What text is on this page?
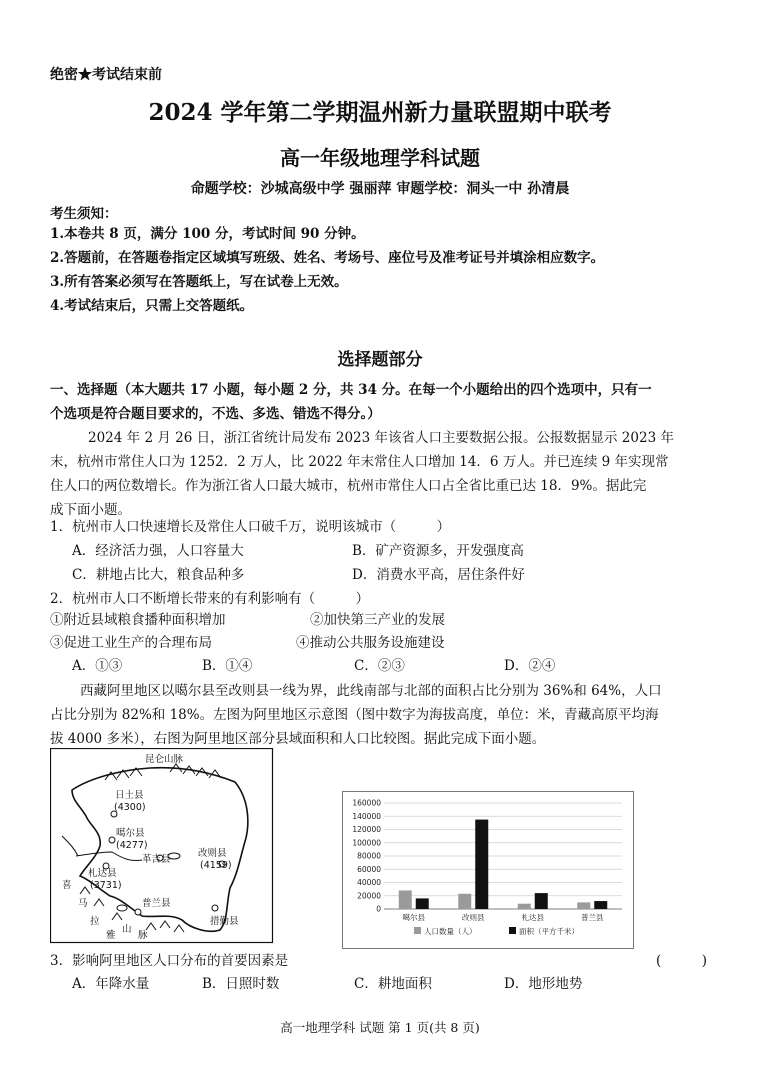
绝密★考试结束前
2024 学年第二学期温州新力量联盟期中联考
高一年级地理学科试题
命题学校：沙城高级中学 强丽萍 审题学校：洞头一中 孙清晨
考生须知：
1.本卷共 8 页，满分 100 分，考试时间 90 分钟。
2.答题前，在答题卷指定区域填写班级、姓名、考场号、座位号及准考证号并填涂相应数字。
3.所有答案必须写在答题纸上，写在试卷上无效。
4.考试结束后，只需上交答题纸。
选择题部分
一、选择题（本大题共 17 小题，每小题 2 分，共 34 分。在每一个小题给出的四个选项中，只有一
个选项是符合题目要求的，不选、多选、错选不得分。）
2024 年 2 月 26 日，浙江省统计局发布 2023 年该省人口主要数据公报。公报数据显示 2023 年
末，杭州市常住人口为 1252．2 万人，比 2022 年末常住人口增加 14．6 万人。并已连续 9 年实现常
住人口的两位数增长。作为浙江省人口最大城市，杭州市常住人口占全省比重已达 18．9%。据此完
成下面小题。
1．杭州市人口快速增长及常住人口破千万，说明该城市（　　　）
A．经济活力强，人口容量大	B．矿产资源多，开发强度高
C．耕地占比大，粮食品种多	D．消费水平高，居住条件好
2．杭州市人口不断增长带来的有利影响有（　　　）
①附近县域粮食播种面积增加	②加快第三产业的发展
③促进工业生产的合理布局	④推动公共服务设施建设
A．①③	B．①④	C．②③	D．②④
西藏阿里地区以噶尔县至改则县一线为界，此线南部与北部的面积占比分别为 36%和 64%，人口
占比分别为 82%和 18%。左图为阿里地区示意图（图中数字为海拔高度，单位：米，青藏高原平均海
拔 4000 多米），右图为阿里地区部分县域面积和人口比较图。据此完成下面小题。
昆仑山脉
日土县
(4300)
噶尔县
(4277)
革吉县
改则县
(4159)
札达县
(3731)
普兰县
措勤县
喜
马
拉
雅
山
脉
160000
140000
120000
100000
80000
60000
40000
20000
0
噶尔县	改则县	札达县	普兰县
人口数量（人）	面积（平方千米）
3．影响阿里地区人口分布的首要因素是	(　　　)
A．年降水量	B．日照时数	C．耕地面积	D．地形地势
高一地理学科 试题 第 1 页(共 8 页)
